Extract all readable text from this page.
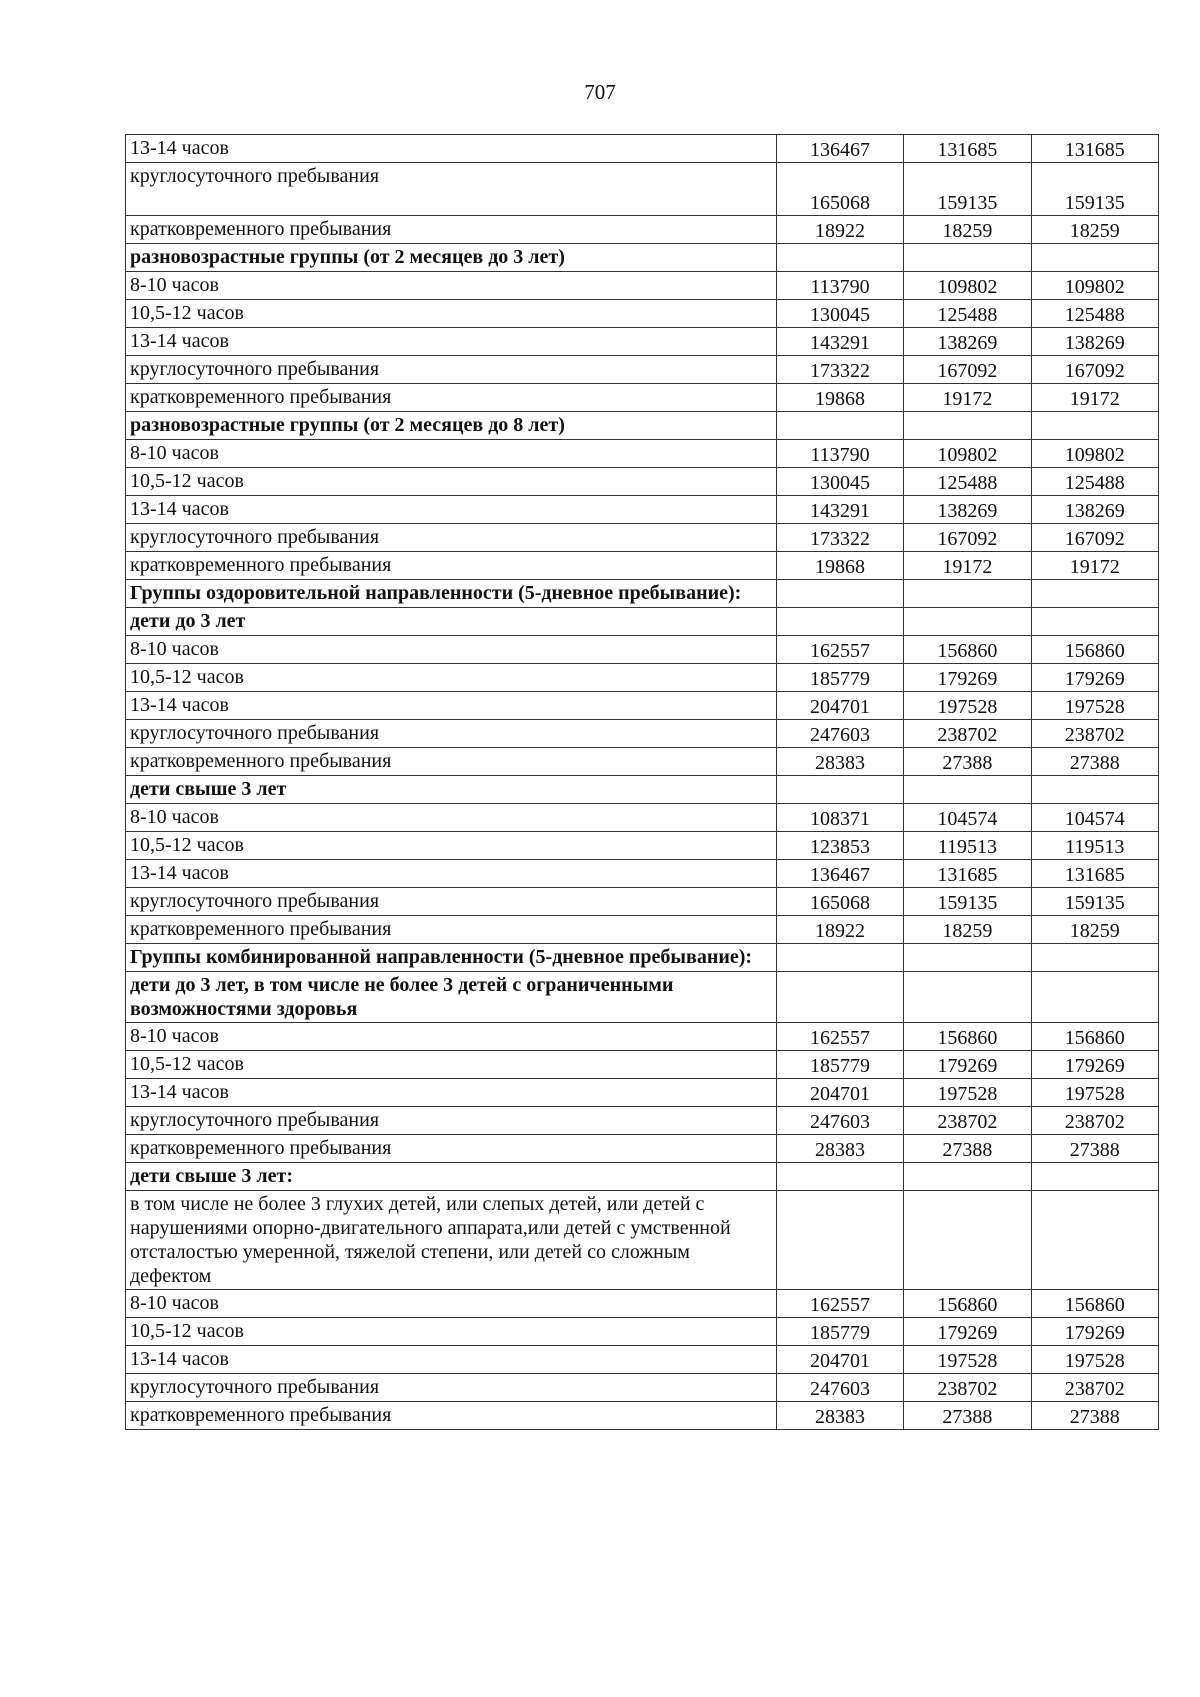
707
13-14 часов	136467	131685	131685
круглосуточного пребывания	165068	159135	159135
кратковременного пребывания	18922	18259	18259
разновозрастные группы (от 2 месяцев до 3 лет)			
8-10 часов	113790	109802	109802
10,5-12 часов	130045	125488	125488
13-14 часов	143291	138269	138269
круглосуточного пребывания	173322	167092	167092
кратковременного пребывания	19868	19172	19172
разновозрастные группы (от 2 месяцев до 8 лет)			
8-10 часов	113790	109802	109802
10,5-12 часов	130045	125488	125488
13-14 часов	143291	138269	138269
круглосуточного пребывания	173322	167092	167092
кратковременного пребывания	19868	19172	19172
Группы оздоровительной направленности (5-дневное пребывание):			
дети до 3 лет			
8-10 часов	162557	156860	156860
10,5-12 часов	185779	179269	179269
13-14 часов	204701	197528	197528
круглосуточного пребывания	247603	238702	238702
кратковременного пребывания	28383	27388	27388
дети свыше 3 лет			
8-10 часов	108371	104574	104574
10,5-12 часов	123853	119513	119513
13-14 часов	136467	131685	131685
круглосуточного пребывания	165068	159135	159135
кратковременного пребывания	18922	18259	18259
Группы комбинированной направленности (5-дневное пребывание):			
дети до 3 лет, в том числе не более 3 детей с ограниченными возможностями здоровья			
8-10 часов	162557	156860	156860
10,5-12 часов	185779	179269	179269
13-14 часов	204701	197528	197528
круглосуточного пребывания	247603	238702	238702
кратковременного пребывания	28383	27388	27388
дети свыше 3 лет:			
в том числе не более 3 глухих детей, или слепых детей, или детей с нарушениями опорно-двигательного аппарата,или детей с умственной отсталостью умеренной, тяжелой степени, или детей со сложным дефектом			
8-10 часов	162557	156860	156860
10,5-12 часов	185779	179269	179269
13-14 часов	204701	197528	197528
круглосуточного пребывания	247603	238702	238702
кратковременного пребывания	28383	27388	27388
